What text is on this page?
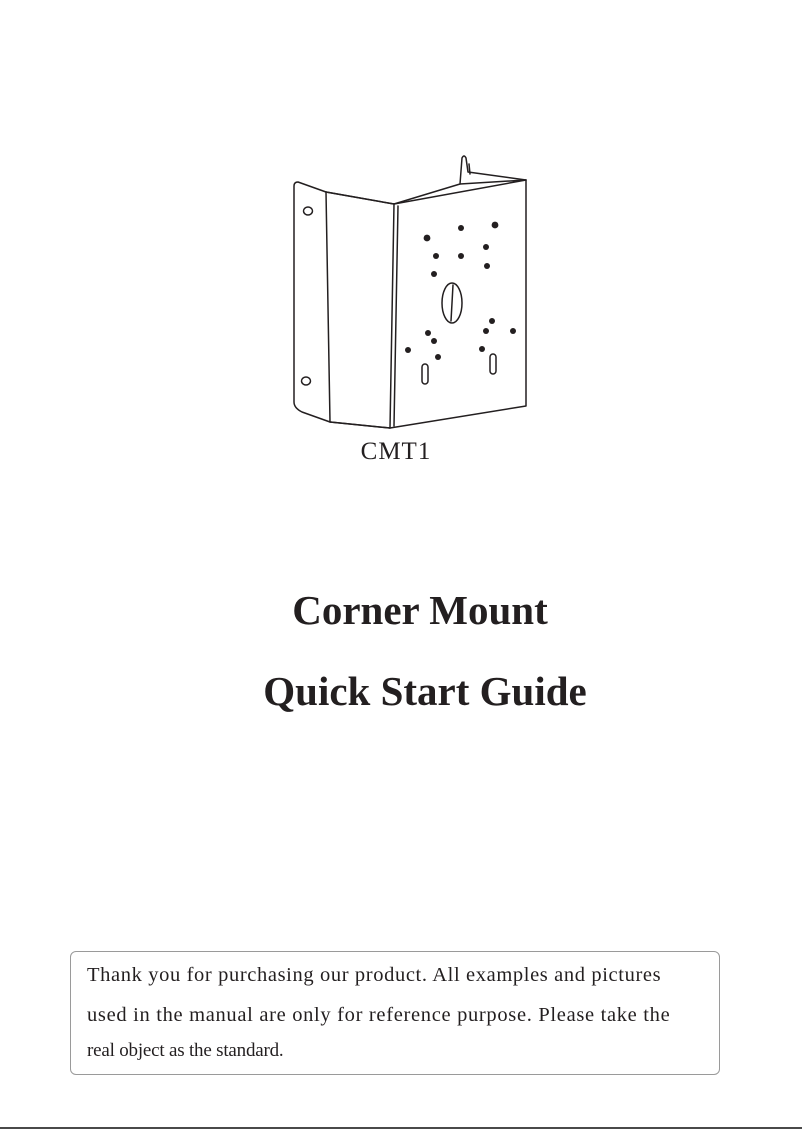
CMT1
Corner Mount
Quick Start Guide
Thank you for purchasing our product. All examples and pictures
used in the manual are only for reference purpose. Please take the
real object as the standard.
